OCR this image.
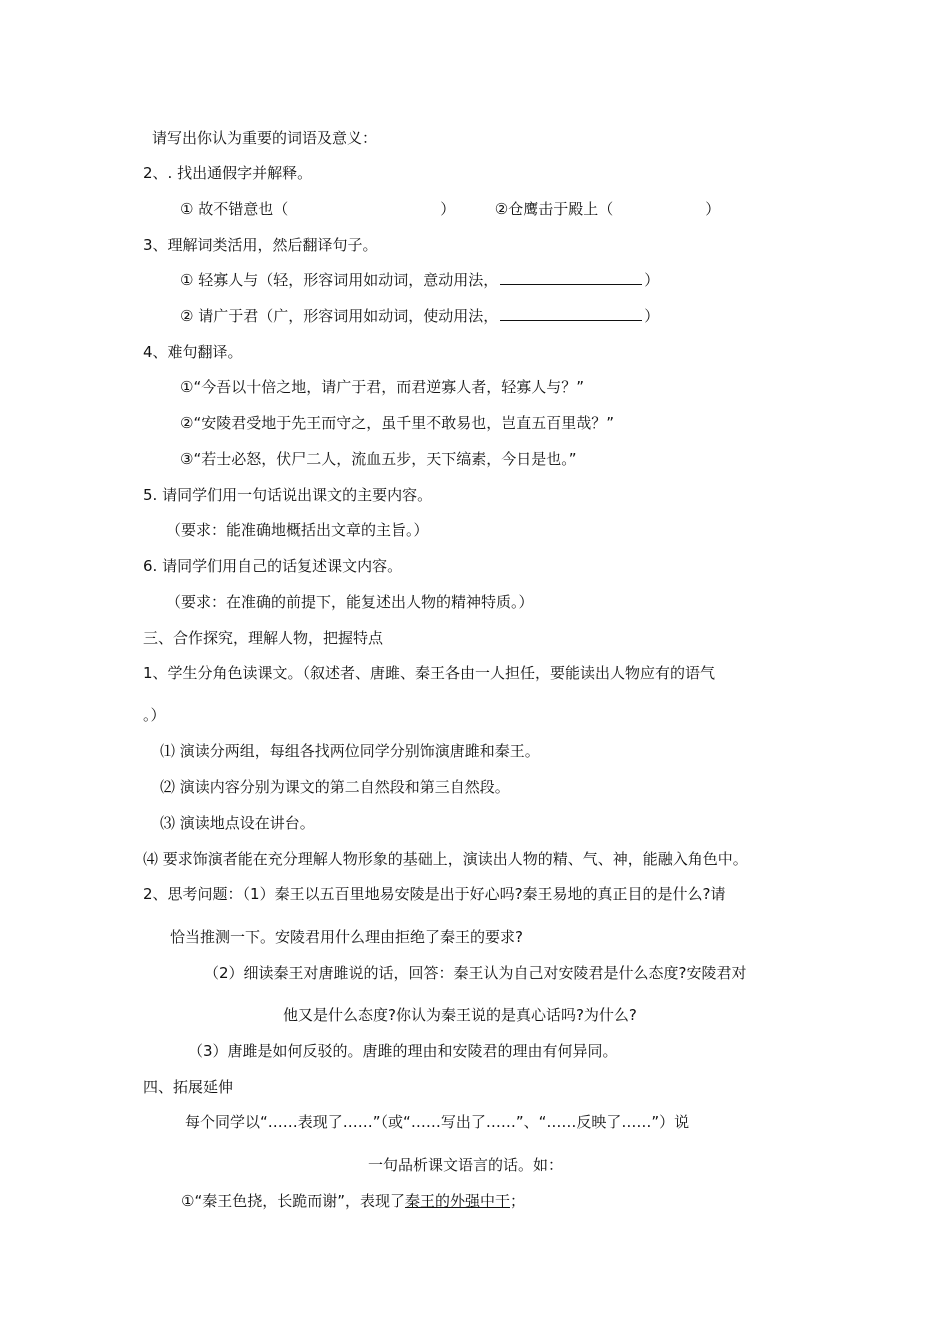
请写出你认为重要的词语及意义：
2、. 找出通假字并解释。
① 故不错意也（	）	②仓鹰击于殿上（	）
3、理解词类活用，然后翻译句子。
① 轻寡人与（轻，形容词用如动词，意动用法，	）
② 请广于君（广，形容词用如动词，使动用法，	）
4、难句翻译。
①“今吾以十倍之地，请广于君，而君逆寡人者，轻寡人与？”
②“安陵君受地于先王而守之，虽千里不敢易也，岂直五百里哉？”
③“若士必怒，伏尸二人，流血五步，天下缟素，今日是也。”
5. 请同学们用一句话说出课文的主要内容。
（要求：能准确地概括出文章的主旨。）
6. 请同学们用自己的话复述课文内容。
（要求：在准确的前提下，能复述出人物的精神特质。）
三、合作探究，理解人物，把握特点
1、学生分角色读课文。（叙述者、唐雎、秦王各由一人担任，要能读出人物应有的语气
。）
⑴ 演读分两组，每组各找两位同学分别饰演唐雎和秦王。
⑵ 演读内容分别为课文的第二自然段和第三自然段。
⑶ 演读地点设在讲台。
⑷ 要求饰演者能在充分理解人物形象的基础上，演读出人物的精、气、神，能融入角色中。
2、思考问题：（1）秦王以五百里地易安陵是出于好心吗?秦王易地的真正目的是什么?请
恰当推测一下。安陵君用什么理由拒绝了秦王的要求?
（2）细读秦王对唐雎说的话，回答：秦王认为自己对安陵君是什么态度?安陵君对
他又是什么态度?你认为秦王说的是真心话吗?为什么?
（3）唐雎是如何反驳的。唐雎的理由和安陵君的理由有何异同。
四、拓展延伸
每个同学以“……表现了……”（或“……写出了……”、“……反映了……”）说
一句品析课文语言的话。如：
①“秦王色挠，长跪而谢”，表现了秦王的外强中干；
